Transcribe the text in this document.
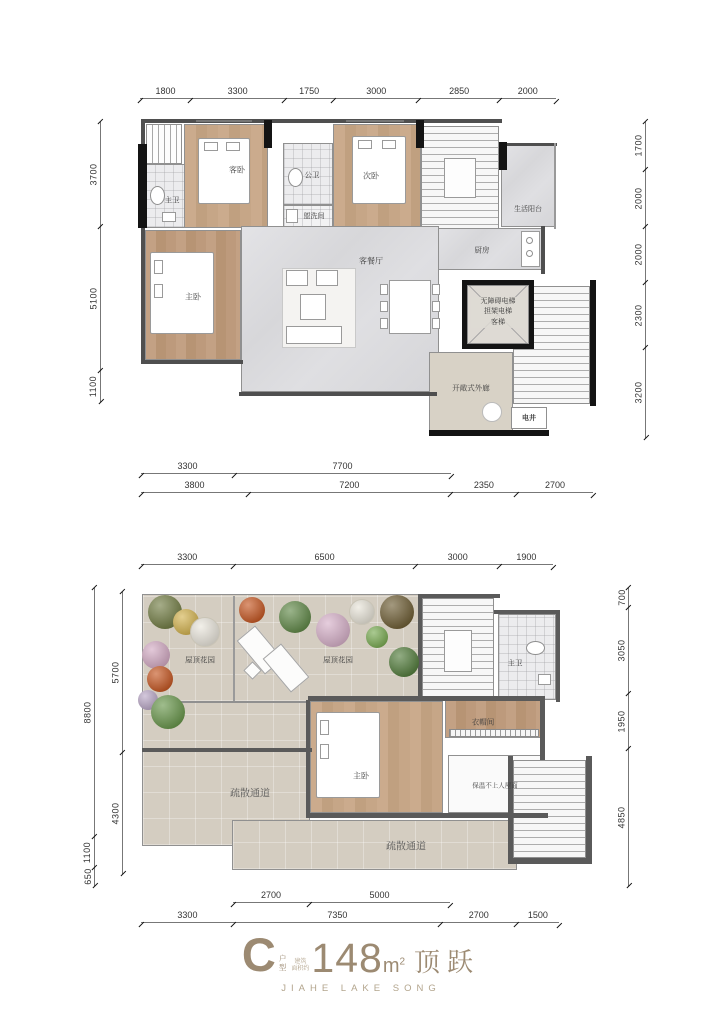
1800	3300	1750	3000	2850	2000
3700
5100
1100
1700
2000
2000
2300
3200
3300	7700
3800	7200	2350	2700
主卫
客卧
公卫
盥洗间
次卧
生活阳台
厨房
主卧
客餐厅
无障碍电梯
担架电梯
客梯
开敞式外廊
电井
3300	6500	3000	1900
8800
1100
650
5700
4300
700
3050
1950
4850
2700	5000
3300	7350	2700	1500
屋顶花园	屋顶花园
疏散通道
疏散通道
主卫
衣帽间
主卧
保温不上人屋面
C 户
型
建筑
面积约 148 $m^2$ 顶跃
JIAHE LAKE SONG
